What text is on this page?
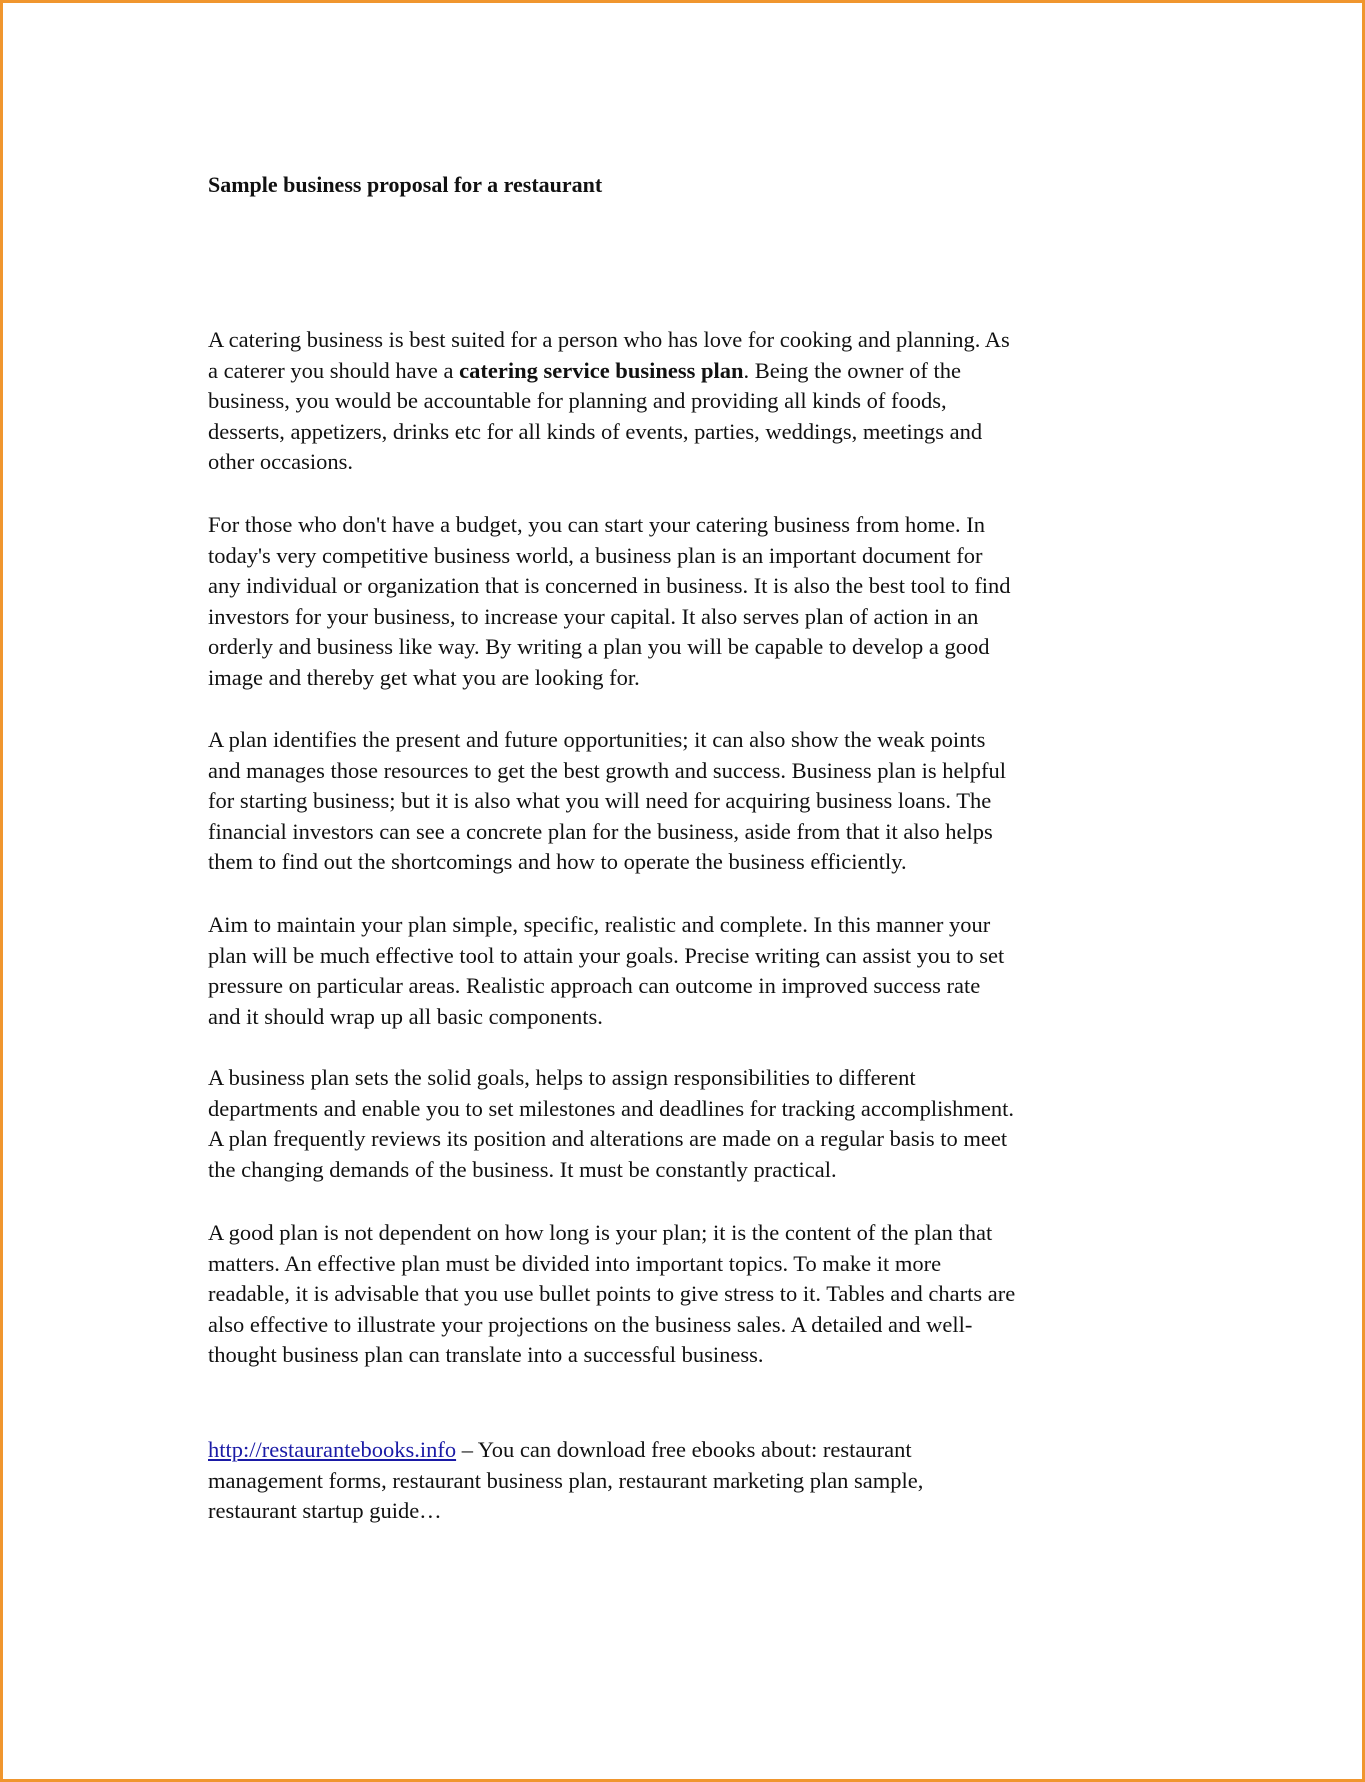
Sample business proposal for a restaurant

A catering business is best suited for a person who has love for cooking and planning. As
a caterer you should have a catering service business plan. Being the owner of the
business, you would be accountable for planning and providing all kinds of foods,
desserts, appetizers, drinks etc for all kinds of events, parties, weddings, meetings and
other occasions.

For those who don't have a budget, you can start your catering business from home. In
today's very competitive business world, a business plan is an important document for
any individual or organization that is concerned in business. It is also the best tool to find
investors for your business, to increase your capital. It also serves plan of action in an
orderly and business like way. By writing a plan you will be capable to develop a good
image and thereby get what you are looking for.

A plan identifies the present and future opportunities; it can also show the weak points
and manages those resources to get the best growth and success. Business plan is helpful
for starting business; but it is also what you will need for acquiring business loans. The
financial investors can see a concrete plan for the business, aside from that it also helps
them to find out the shortcomings and how to operate the business efficiently.

Aim to maintain your plan simple, specific, realistic and complete. In this manner your
plan will be much effective tool to attain your goals. Precise writing can assist you to set
pressure on particular areas. Realistic approach can outcome in improved success rate
and it should wrap up all basic components.

A business plan sets the solid goals, helps to assign responsibilities to different
departments and enable you to set milestones and deadlines for tracking accomplishment.
A plan frequently reviews its position and alterations are made on a regular basis to meet
the changing demands of the business. It must be constantly practical.

A good plan is not dependent on how long is your plan; it is the content of the plan that
matters. An effective plan must be divided into important topics. To make it more
readable, it is advisable that you use bullet points to give stress to it. Tables and charts are
also effective to illustrate your projections on the business sales. A detailed and well-
thought business plan can translate into a successful business.

http://restaurantebooks.info – You can download free ebooks about: restaurant
management forms, restaurant business plan, restaurant marketing plan sample,
restaurant startup guide…
